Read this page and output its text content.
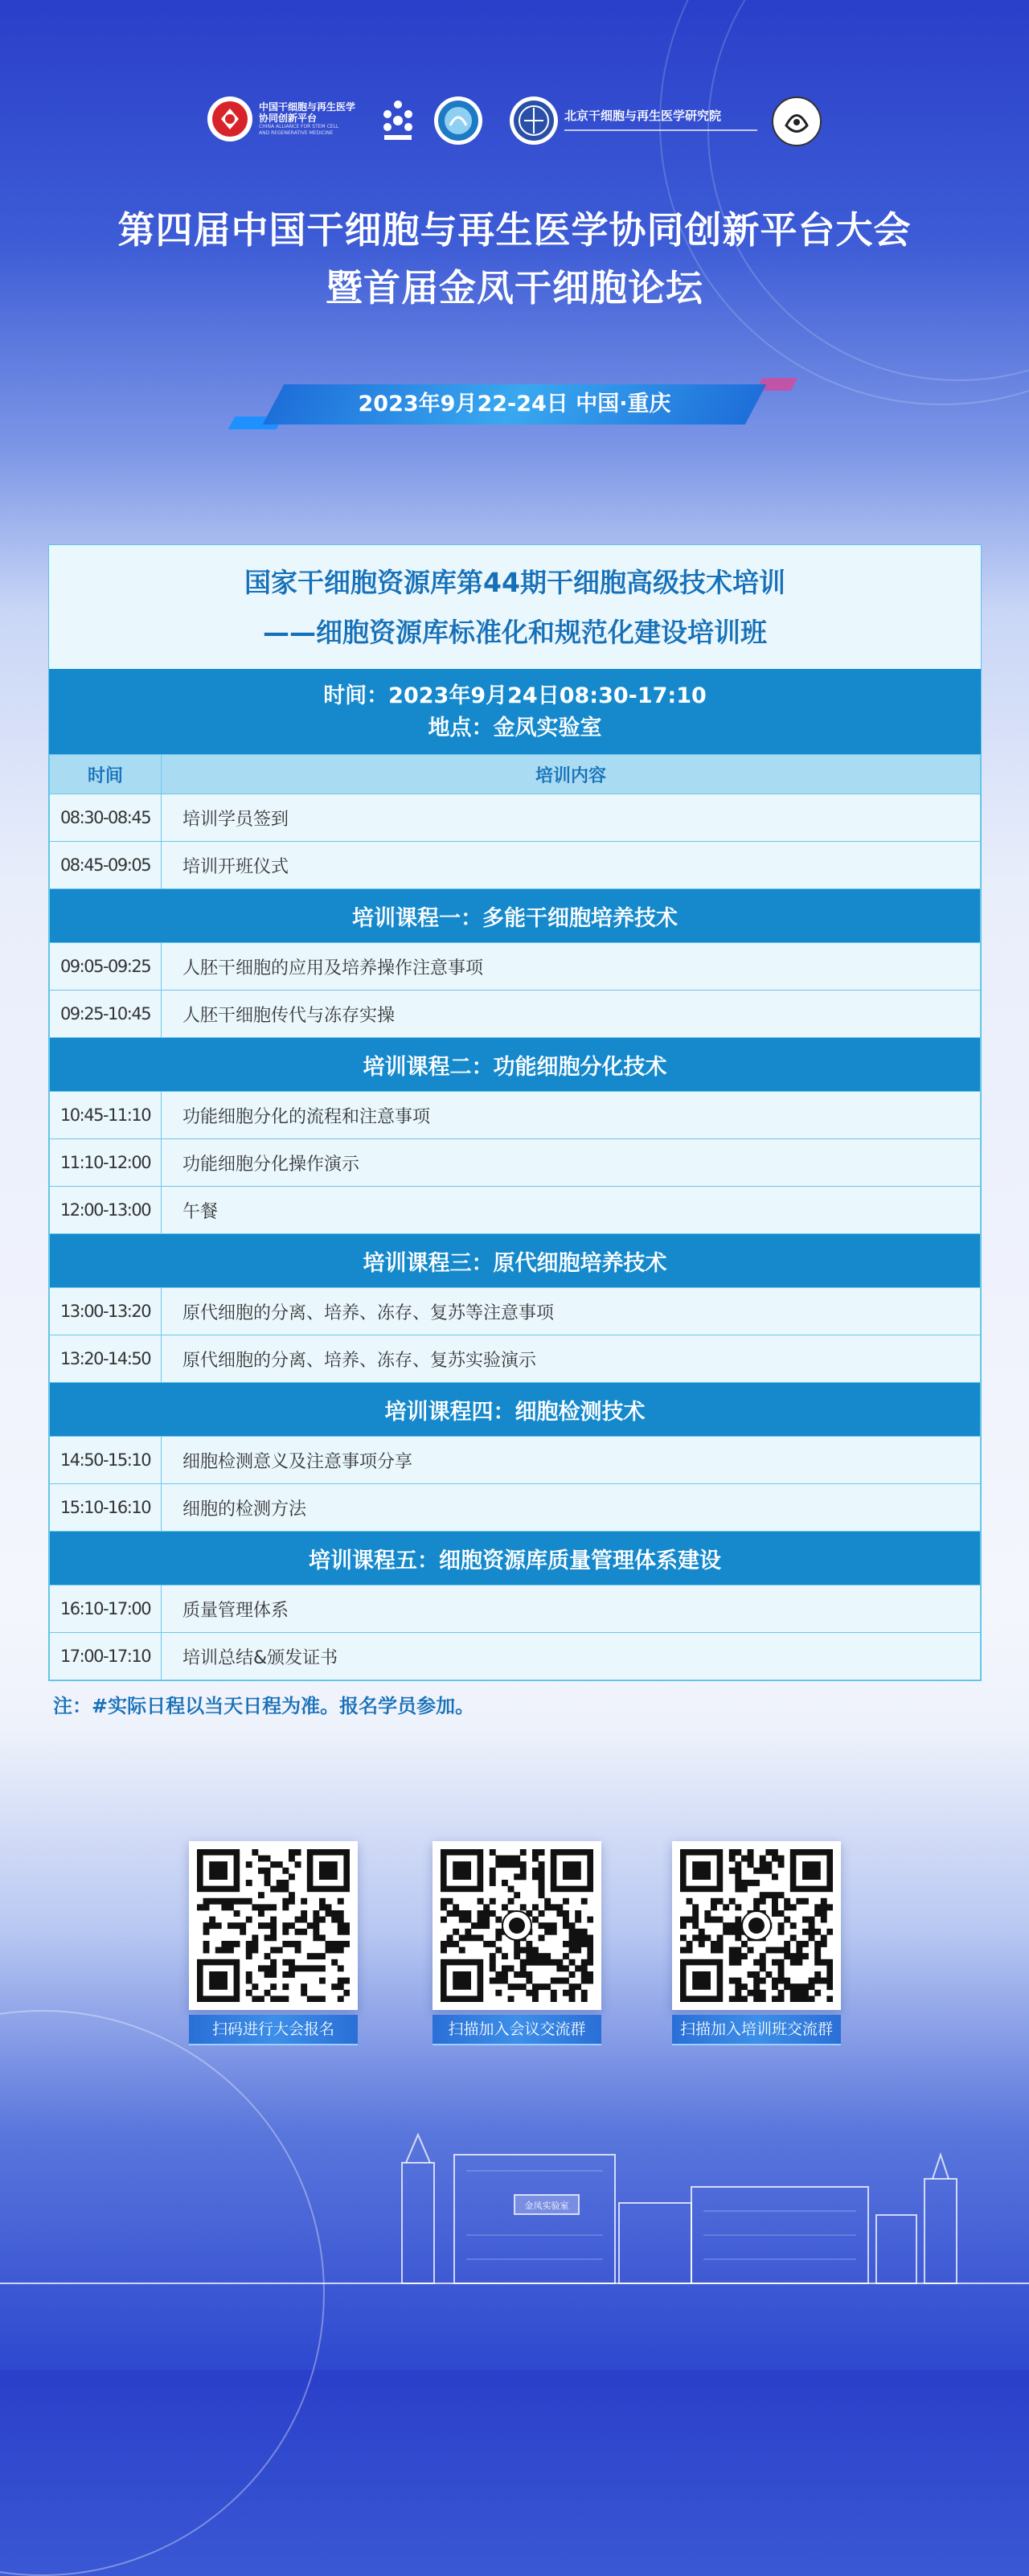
中国干细胞与再生医学协同创新平台
CHINA ALLIANCE FOR STEM CELL AND REGENERATIVE MEDICINE
北京干细胞与再生医学研究院
第四届中国干细胞与再生医学协同创新平台大会
暨首届金凤干细胞论坛
2023年9月22-24日 中国·重庆
国家干细胞资源库第44期干细胞高级技术培训
——细胞资源库标准化和规范化建设培训班
时间：2023年9月24日08:30-17:10
地点：金凤实验室
时间	培训内容
08:30-08:45	培训学员签到
08:45-09:05	培训开班仪式
培训课程一：多能干细胞培养技术	
09:05-09:25	人胚干细胞的应用及培养操作注意事项
09:25-10:45	人胚干细胞传代与冻存实操
培训课程二：功能细胞分化技术	
10:45-11:10	功能细胞分化的流程和注意事项
11:10-12:00	功能细胞分化操作演示
12:00-13:00	午餐
培训课程三：原代细胞培养技术	
13:00-13:20	原代细胞的分离、培养、冻存、复苏等注意事项
13:20-14:50	原代细胞的分离、培养、冻存、复苏实验演示
培训课程四：细胞检测技术	
14:50-15:10	细胞检测意义及注意事项分享
15:10-16:10	细胞的检测方法
培训课程五：细胞资源库质量管理体系建设	
16:10-17:00	质量管理体系
17:00-17:10	培训总结&颁发证书
注：#实际日程以当天日程为准。报名学员参加。
扫码进行大会报名	扫描加入会议交流群	扫描加入培训班交流群
金凤实验室
